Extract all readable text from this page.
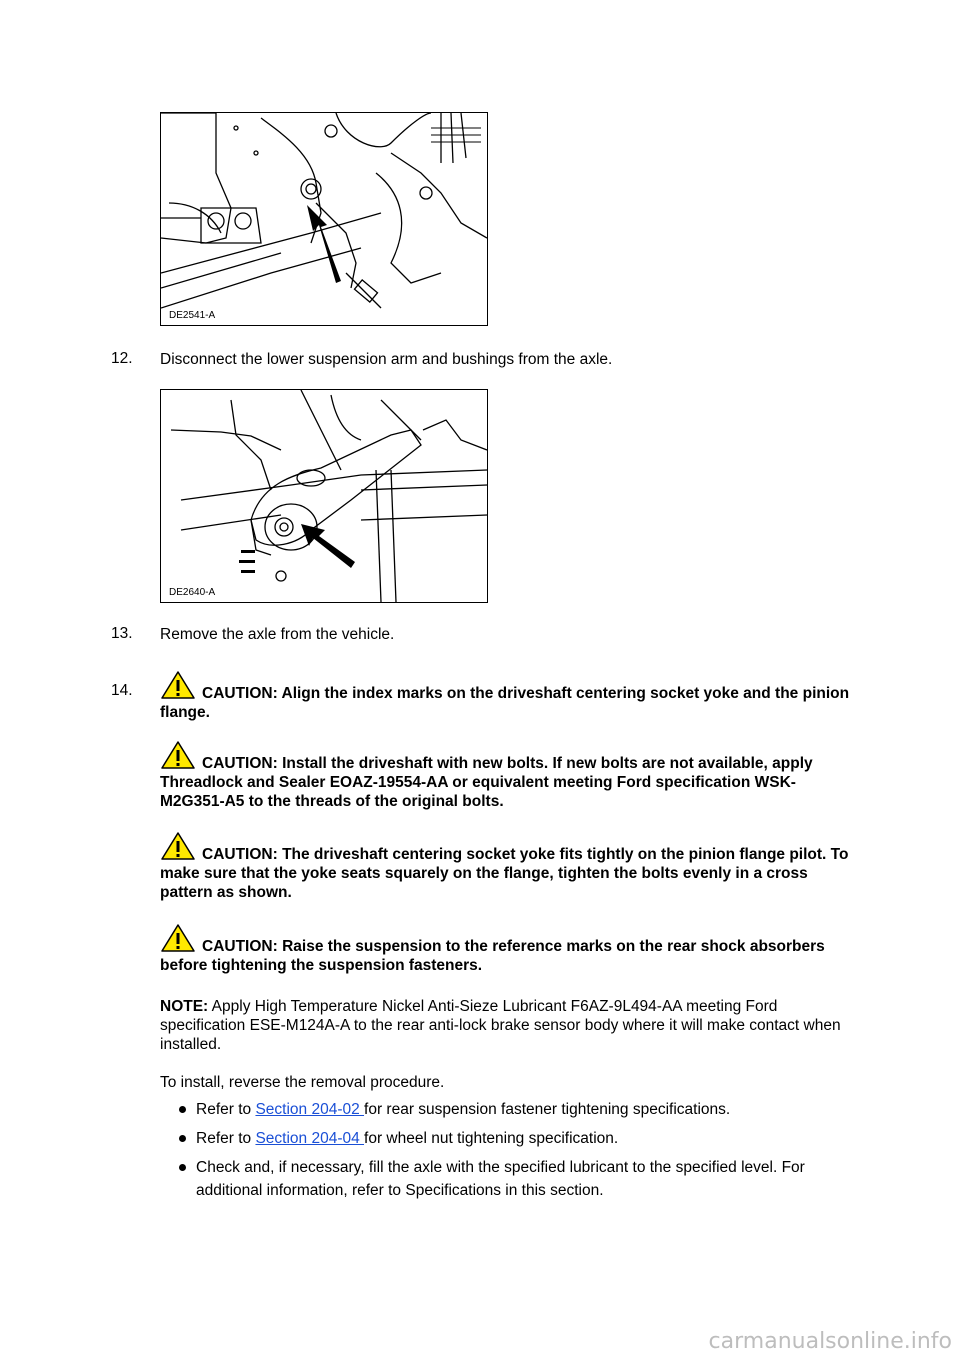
DE2541-A
12. Disconnect the lower suspension arm and bushings from the axle.
DE2640-A
13. Remove the axle from the vehicle.
14.	CAUTION: Align the index marks on the driveshaft centering socket yoke and the pinion flange.
CAUTION: Install the driveshaft with new bolts. If new bolts are not available, apply Threadlock and Sealer EOAZ-19554-AA or equivalent meeting Ford specification WSK-M2G351-A5 to the threads of the original bolts.
CAUTION: The driveshaft centering socket yoke fits tightly on the pinion flange pilot. To make sure that the yoke seats squarely on the flange, tighten the bolts evenly in a cross pattern as shown.
CAUTION: Raise the suspension to the reference marks on the rear shock absorbers before tightening the suspension fasteners.
NOTE: Apply High Temperature Nickel Anti-Sieze Lubricant F6AZ-9L494-AA meeting Ford specification ESE-M124A-A to the rear anti-lock brake sensor body where it will make contact when installed.
To install, reverse the removal procedure.
Refer to Section 204-02 for rear suspension fastener tightening specifications.
Refer to Section 204-04 for wheel nut tightening specification.
Check and, if necessary, fill the axle with the specified lubricant to the specified level. For additional information, refer to Specifications in this section.
carmanualsonline.info
